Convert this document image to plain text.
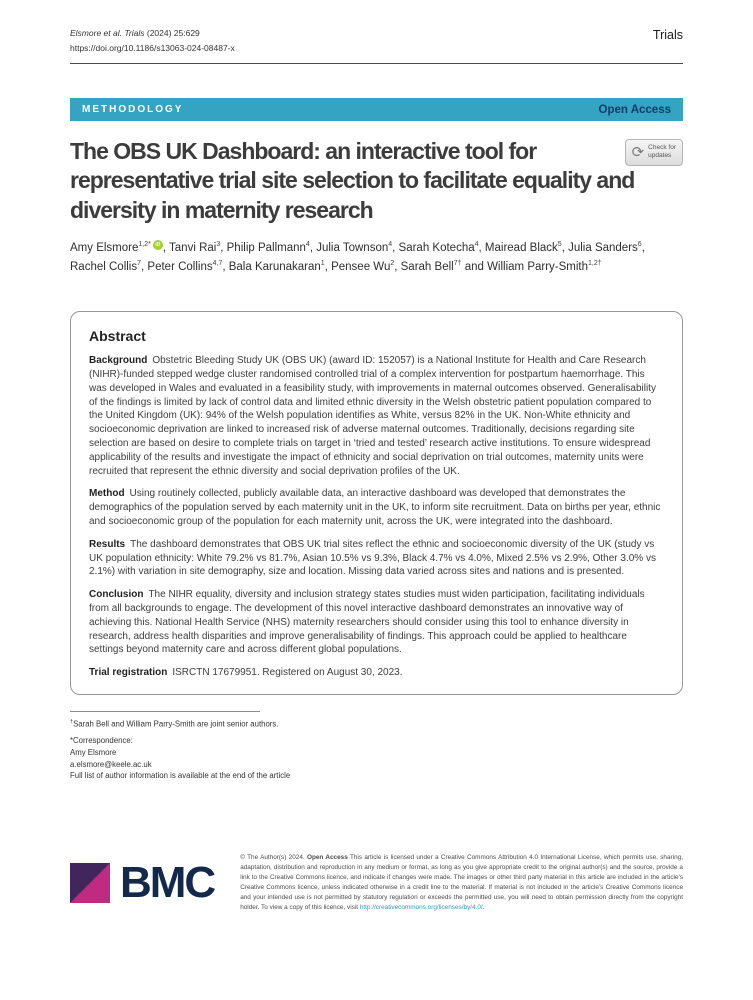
Elsmore et al. Trials (2024) 25:629
https://doi.org/10.1186/s13063-024-08487-x
Trials
METHODOLOGY	Open Access
The OBS UK Dashboard: an interactive tool for representative trial site selection to facilitate equality and diversity in maternity research
⟳ Check for
updates

Amy Elsmore$^{1,2*}$ iD , Tanvi Rai$^3$, Philip Pallmann$^4$, Julia Townson$^4$, Sarah Kotecha$^4$, Mairead Black$^5$, Julia Sanders$^6$, Rachel Collis$^7$, Peter Collins$^{4,7}$, Bala Karunakaran$^1$, Pensee Wu$^2$, Sarah Bell$^{7\dagger}$ and William Parry-Smith$^{1,2\dagger}$

Abstract

Background Obstetric Bleeding Study UK (OBS UK) (award ID: 152057) is a National Institute for Health and Care Research (NIHR)-funded stepped wedge cluster randomised controlled trial of a complex intervention for postpartum haemorrhage. This was developed in Wales and evaluated in a feasibility study, with improvements in maternal outcomes observed. Generalisability of the findings is limited by lack of control data and limited ethnic diversity in the Welsh obstetric patient population compared to the United Kingdom (UK): 94% of the Welsh population identifies as White, versus 82% in the UK. Non-White ethnicity and socioeconomic deprivation are linked to increased risk of adverse maternal outcomes. Traditionally, decisions regarding site selection are based on desire to complete trials on target in ‘tried and tested’ research active institutions. To ensure widespread applicability of the results and investigate the impact of ethnicity and social deprivation on trial outcomes, maternity units were recruited that represent the ethnic diversity and social deprivation profiles of the UK.

Method Using routinely collected, publicly available data, an interactive dashboard was developed that demonstrates the demographics of the population served by each maternity unit in the UK, to inform site recruitment. Data on births per year, ethnic and socioeconomic group of the population for each maternity unit, across the UK, were integrated into the dashboard.

Results The dashboard demonstrates that OBS UK trial sites reflect the ethnic and socioeconomic diversity of the UK (study vs UK population ethnicity: White 79.2% vs 81.7%, Asian 10.5% vs 9.3%, Black 4.7% vs 4.0%, Mixed 2.5% vs 2.9%, Other 3.0% vs 2.1%) with variation in site demography, size and location. Missing data varied across sites and nations and is presented.

Conclusion The NIHR equality, diversity and inclusion strategy states studies must widen participation, facilitating individuals from all backgrounds to engage. The development of this novel interactive dashboard demonstrates an innovative way of achieving this. National Health Service (NHS) maternity researchers should consider using this tool to enhance diversity in research, address health disparities and improve generalisability of findings. This approach could be applied to healthcare settings beyond maternity care and across different global populations.

Trial registration ISRCTN 17679951. Registered on August 30, 2023.

†Sarah Bell and William Parry-Smith are joint senior authors.

*Correspondence:

Amy Elsmore

a.elsmore@keele.ac.uk

Full list of author information is available at the end of the article

BMC
© The Author(s) 2024. Open Access This article is licensed under a Creative Commons Attribution 4.0 International License, which permits use, sharing, adaptation, distribution and reproduction in any medium or format, as long as you give appropriate credit to the original author(s) and the source, provide a link to the Creative Commons licence, and indicate if changes were made. The images or other third party material in this article are included in the article’s Creative Commons licence, unless indicated otherwise in a credit line to the material. If material is not included in the article’s Creative Commons licence and your intended use is not permitted by statutory regulation or exceeds the permitted use, you will need to obtain permission directly from the copyright holder. To view a copy of this licence, visit http://creativecommons.org/licenses/by/4.0/.
